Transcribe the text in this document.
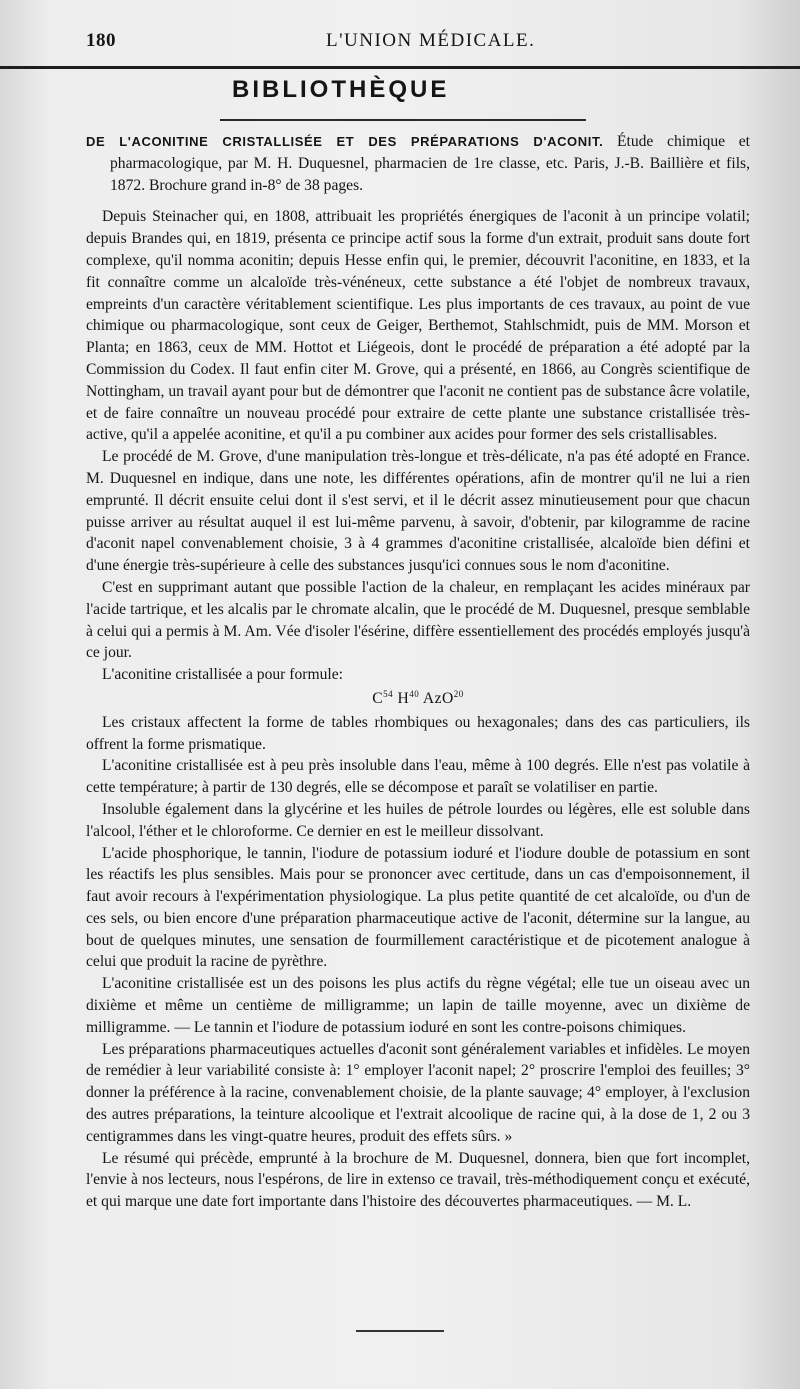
180	L'UNION MÉDICALE.
BIBLIOTHÈQUE

DE L'ACONITINE CRISTALLISÉE ET DES PRÉPARATIONS D'ACONIT. Étude chimique et pharmacologique, par M. H. Duquesnel, pharmacien de 1re classe, etc. Paris, J.-B. Baillière et fils, 1872. Brochure grand in-8° de 38 pages.

Depuis Steinacher qui, en 1808, attribuait les propriétés énergiques de l'aconit à un principe volatil; depuis Brandes qui, en 1819, présenta ce principe actif sous la forme d'un extrait, produit sans doute fort complexe, qu'il nomma aconitin; depuis Hesse enfin qui, le premier, découvrit l'aconitine, en 1833, et la fit connaître comme un alcaloïde très-vénéneux, cette substance a été l'objet de nombreux travaux, empreints d'un caractère véritablement scientifique. Les plus importants de ces travaux, au point de vue chimique ou pharmacologique, sont ceux de Geiger, Berthemot, Stahlschmidt, puis de MM. Morson et Planta; en 1863, ceux de MM. Hottot et Liégeois, dont le procédé de préparation a été adopté par la Commission du Codex. Il faut enfin citer M. Grove, qui a présenté, en 1866, au Congrès scientifique de Nottingham, un travail ayant pour but de démontrer que l'aconit ne contient pas de substance âcre volatile, et de faire connaître un nouveau procédé pour extraire de cette plante une substance cristallisée très-active, qu'il a appelée aconitine, et qu'il a pu combiner aux acides pour former des sels cristallisables.

Le procédé de M. Grove, d'une manipulation très-longue et très-délicate, n'a pas été adopté en France. M. Duquesnel en indique, dans une note, les différentes opérations, afin de montrer qu'il ne lui a rien emprunté. Il décrit ensuite celui dont il s'est servi, et il le décrit assez minutieusement pour que chacun puisse arriver au résultat auquel il est lui-même parvenu, à savoir, d'obtenir, par kilogramme de racine d'aconit napel convenablement choisie, 3 à 4 grammes d'aconitine cristallisée, alcaloïde bien défini et d'une énergie très-supérieure à celle des substances jusqu'ici connues sous le nom d'aconitine.

C'est en supprimant autant que possible l'action de la chaleur, en remplaçant les acides minéraux par l'acide tartrique, et les alcalis par le chromate alcalin, que le procédé de M. Duquesnel, presque semblable à celui qui a permis à M. Am. Vée d'isoler l'ésérine, diffère essentiellement des procédés employés jusqu'à ce jour.

L'aconitine cristallisée a pour formule:

$C^{54}$ $H^{40}$ AzO$^{20}$

Les cristaux affectent la forme de tables rhombiques ou hexagonales; dans des cas particuliers, ils offrent la forme prismatique.

L'aconitine cristallisée est à peu près insoluble dans l'eau, même à 100 degrés. Elle n'est pas volatile à cette température; à partir de 130 degrés, elle se décompose et paraît se volatiliser en partie.

Insoluble également dans la glycérine et les huiles de pétrole lourdes ou légères, elle est soluble dans l'alcool, l'éther et le chloroforme. Ce dernier en est le meilleur dissolvant.

L'acide phosphorique, le tannin, l'iodure de potassium ioduré et l'iodure double de potassium en sont les réactifs les plus sensibles. Mais pour se prononcer avec certitude, dans un cas d'empoisonnement, il faut avoir recours à l'expérimentation physiologique. La plus petite quantité de cet alcaloïde, ou d'un de ces sels, ou bien encore d'une préparation pharmaceutique active de l'aconit, détermine sur la langue, au bout de quelques minutes, une sensation de fourmillement caractéristique et de picotement analogue à celui que produit la racine de pyrèthre.

L'aconitine cristallisée est un des poisons les plus actifs du règne végétal; elle tue un oiseau avec un dixième et même un centième de milligramme; un lapin de taille moyenne, avec un dixième de milligramme. — Le tannin et l'iodure de potassium ioduré en sont les contre-poisons chimiques.

Les préparations pharmaceutiques actuelles d'aconit sont généralement variables et infidèles. Le moyen de remédier à leur variabilité consiste à: 1° employer l'aconit napel; 2° proscrire l'emploi des feuilles; 3° donner la préférence à la racine, convenablement choisie, de la plante sauvage; 4° employer, à l'exclusion des autres préparations, la teinture alcoolique et l'extrait alcoolique de racine qui, à la dose de 1, 2 ou 3 centigrammes dans les vingt-quatre heures, produit des effets sûrs. »

Le résumé qui précède, emprunté à la brochure de M. Duquesnel, donnera, bien que fort incomplet, l'envie à nos lecteurs, nous l'espérons, de lire in extenso ce travail, très-méthodiquement conçu et exécuté, et qui marque une date fort importante dans l'histoire des découvertes pharmaceutiques. — M. L.
